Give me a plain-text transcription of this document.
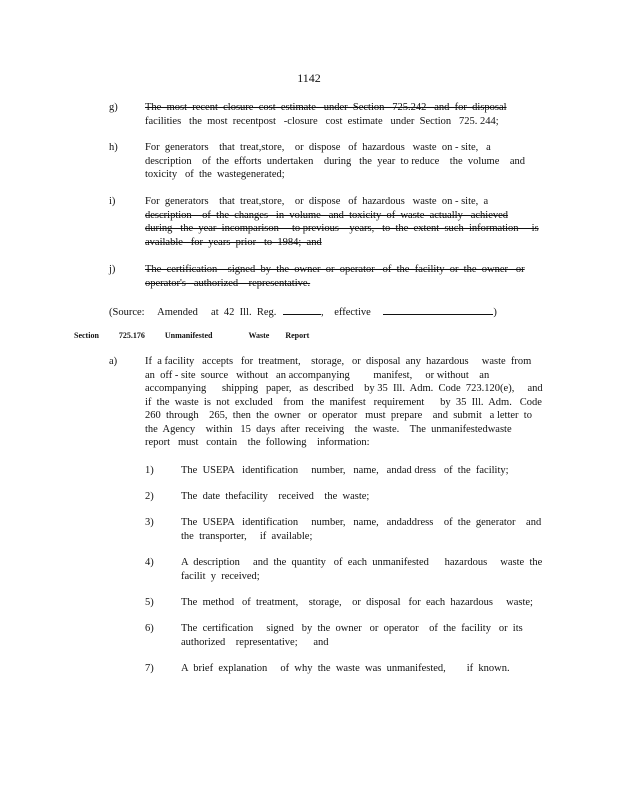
1142
g)	The  most  recent  closure  cost  estimate   under  Section   725.242   and  for  disposal
facilities   the  most  recentpost   -closure   cost  estimate   under  Section   725. 244;
h)	For  generators    that  treat,store,    or  dispose   of  hazardous   waste  on - site,   a
description    of  the  efforts  undertaken    during   the  year  to reduce    the  volume    and
toxicity   of  the  wastegenerated;
i)	For  generators    that  treat,store,    or  dispose   of  hazardous   waste  on - site,  a
description    of  the  changes   in  volume   and  toxicity  of  waste  actually   achieved
during   the  year  incomparison     to previous    years,   to  the  extent  such  information     is
available   for  years  prior   to  1984;  and
j)	The  certification    signed  by  the  owner  or  operator   of  the  facility  or  the  owner   or
operator's   authorized    representative.
(Source:     Amended     at  42  Ill.  Reg.	, effective	)
Section	725.176	Unmanifested	Waste Report
a)	If  a facility   accepts   for  treatment,    storage,   or  disposal  any  hazardous     waste  from
an  off - site  source   without   an accompanying         manifest,     or without    an
accompanying      shipping   paper,   as  described    by 35  Ill.  Adm.  Code  723.120(e),     and
if  the  waste  is  not  excluded    from   the  manifest   requirement      by  35  Ill.  Adm.   Code
260  through    265,  then  the  owner   or  operator   must  prepare    and  submit   a letter  to
the  Agency    within   15  days  after  receiving    the  waste.    The  unmanifestedwaste
report   must   contain    the  following    information:
1)	The  USEPA   identification     number,   name,   andad dress   of  the  facility;
2)	The  date  thefacility    received    the  waste;
3)	The  USEPA   identification     number,   name,   andaddress    of  the  generator    and
the  transporter,     if  available;
4)	A  description     and  the  quantity   of  each  unmanifested      hazardous     waste  the
facilit  y  received;
5)	The  method   of  treatment,    storage,    or  disposal   for  each  hazardous     waste;
6)	The  certification     signed   by  the  owner   or  operator    of  the  facility   or  its
authorized    representative;      and
7)	A  brief  explanation     of  why  the  waste  was  unmanifested,        if  known.
